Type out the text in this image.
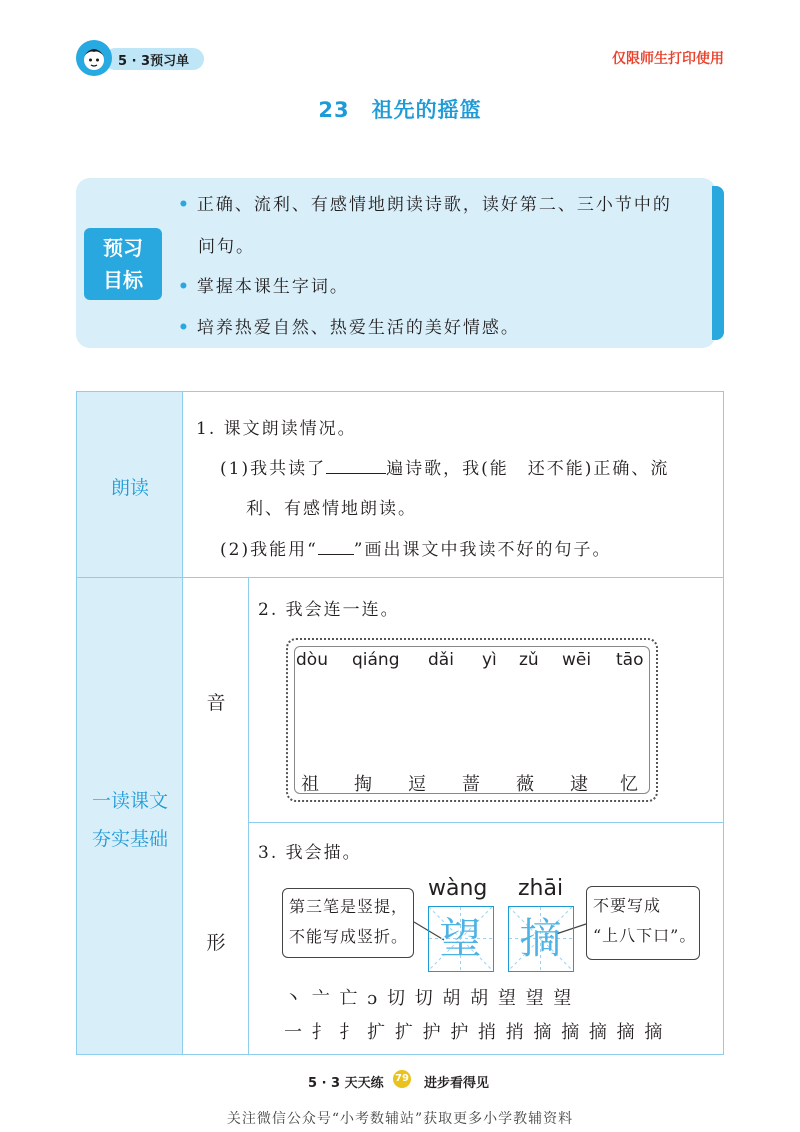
5 · 3预习单	仅限师生打印使用
23　祖先的摇篮
预习
目标
• 正确、流利、有感情地朗读诗歌，读好第二、三小节中的
问句。
• 掌握本课生字词。
• 培养热爱自然、热爱生活的美好情感。
朗读
一读课文
夯实基础
音
形
1. 课文朗读情况。
(1)我共读了	遍诗歌，我(能　还不能)正确、流
利、有感情地朗读。
(2)我能用“ ”画出课文中我读不好的句子。
2. 我会连一连。
dòu qiáng dǎi yì zǔ wēi tāo
祖 掏 逗 蔷 薇 逮 忆
3. 我会描。
第三笔是竖提，
不能写成竖折。
不要写成
“上八下口”。
wàng zhāi
望 摘
丶 亠 亡 ɔ 切 切 胡 胡 望 望 望
一 扌 扌 扩 扩 护 护 捎 捎 摘 摘 摘 摘 摘
5 · 3 天天练 79 进步看得见
关注微信公众号“小考数辅站”获取更多小学教辅资料
